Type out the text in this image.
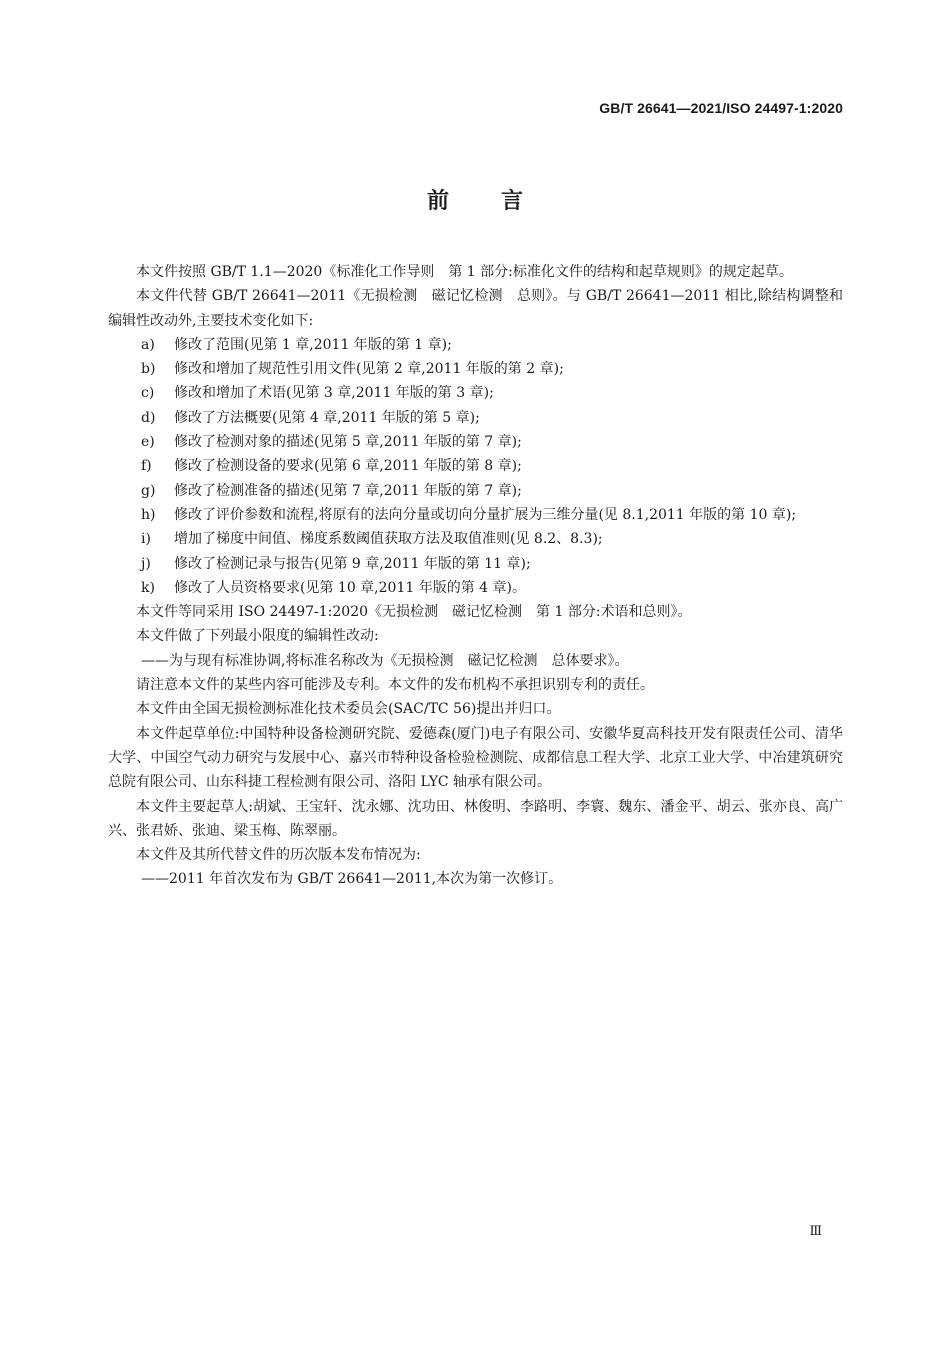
GB/T 26641—2021/ISO 24497-1:2020
前言

本文件按照 GB/T 1.1—2020《标准化工作导则　第 1 部分:标准化文件的结构和起草规则》的规定起草。

本文件代替 GB/T 26641—2011《无损检测　磁记忆检测　总则》。与 GB/T 26641—2011 相比,除结构调整和编辑性改动外,主要技术变化如下:

a) 修改了范围(见第 1 章,2011 年版的第 1 章);

b) 修改和增加了规范性引用文件(见第 2 章,2011 年版的第 2 章);

c) 修改和增加了术语(见第 3 章,2011 年版的第 3 章);

d) 修改了方法概要(见第 4 章,2011 年版的第 5 章);

e) 修改了检测对象的描述(见第 5 章,2011 年版的第 7 章);

f) 修改了检测设备的要求(见第 6 章,2011 年版的第 8 章);

g) 修改了检测准备的描述(见第 7 章,2011 年版的第 7 章);

h) 修改了评价参数和流程,将原有的法向分量或切向分量扩展为三维分量(见 8.1,2011 年版的第 10 章);

i) 增加了梯度中间值、梯度系数阈值获取方法及取值准则(见 8.2、8.3);

j) 修改了检测记录与报告(见第 9 章,2011 年版的第 11 章);

k) 修改了人员资格要求(见第 10 章,2011 年版的第 4 章)。

本文件等同采用 ISO 24497-1:2020《无损检测　磁记忆检测　第 1 部分:术语和总则》。

本文件做了下列最小限度的编辑性改动:

——为与现有标准协调,将标准名称改为《无损检测　磁记忆检测　总体要求》。

请注意本文件的某些内容可能涉及专利。本文件的发布机构不承担识别专利的责任。

本文件由全国无损检测标准化技术委员会(SAC/TC 56)提出并归口。

本文件起草单位:中国特种设备检测研究院、爱德森(厦门)电子有限公司、安徽华夏高科技开发有限责任公司、清华大学、中国空气动力研究与发展中心、嘉兴市特种设备检验检测院、成都信息工程大学、北京工业大学、中冶建筑研究总院有限公司、山东科捷工程检测有限公司、洛阳 LYC 轴承有限公司。

本文件主要起草人:胡斌、王宝轩、沈永娜、沈功田、林俊明、李路明、李寰、魏东、潘金平、胡云、张亦良、高广兴、张君娇、张迪、梁玉梅、陈翠丽。

本文件及其所代替文件的历次版本发布情况为:

——2011 年首次发布为 GB/T 26641—2011,本次为第一次修订。

Ⅲ
